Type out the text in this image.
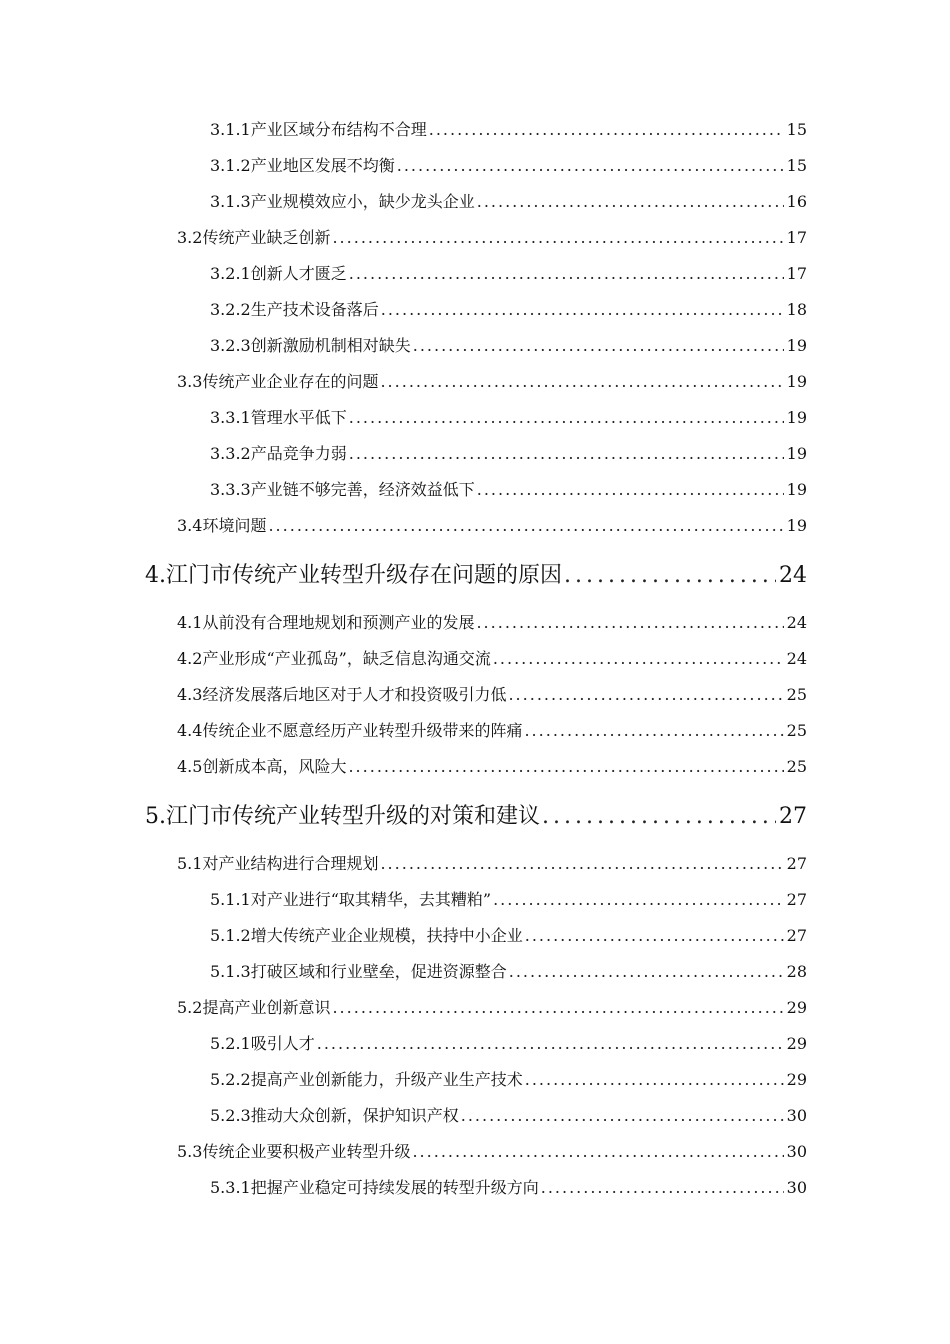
3.1.1 产业区域分布结构不合理 .....	15
3.1.2 产业地区发展不均衡 .....	15
3.1.3 产业规模效应小，缺少龙头企业 .....	16
3.2 传统产业缺乏创新 .....	17
3.2.1 创新人才匮乏 .....	17
3.2.2 生产技术设备落后 .....	18
3.2.3 创新激励机制相对缺失 .....	19
3.3 传统产业企业存在的问题 .....	19
3.3.1 管理水平低下 .....	19
3.3.2 产品竞争力弱 .....	19
3.3.3 产业链不够完善，经济效益低下 .....	19
3.4 环境问题 .....	19
4. 江门市传统产业转型升级存在问题的原因 .....	24
4.1 从前没有合理地规划和预测产业的发展 .....	24
4.2 产业形成“产业孤岛”，缺乏信息沟通交流 .....	24
4.3 经济发展落后地区对于人才和投资吸引力低 .....	25
4.4 传统企业不愿意经历产业转型升级带来的阵痛 .....	25
4.5 创新成本高，风险大 .....	25
5. 江门市传统产业转型升级的对策和建议 .....	27
5.1 对产业结构进行合理规划 .....	27
5.1.1 对产业进行“取其精华，去其糟粕” .....	27
5.1.2 增大传统产业企业规模，扶持中小企业 .....	27
5.1.3 打破区域和行业壁垒，促进资源整合 .....	28
5.2 提高产业创新意识 .....	29
5.2.1 吸引人才 .....	29
5.2.2 提高产业创新能力，升级产业生产技术 .....	29
5.2.3 推动大众创新，保护知识产权 .....	30
5.3 传统企业要积极产业转型升级 .....	30
5.3.1 把握产业稳定可持续发展的转型升级方向 .....	30
